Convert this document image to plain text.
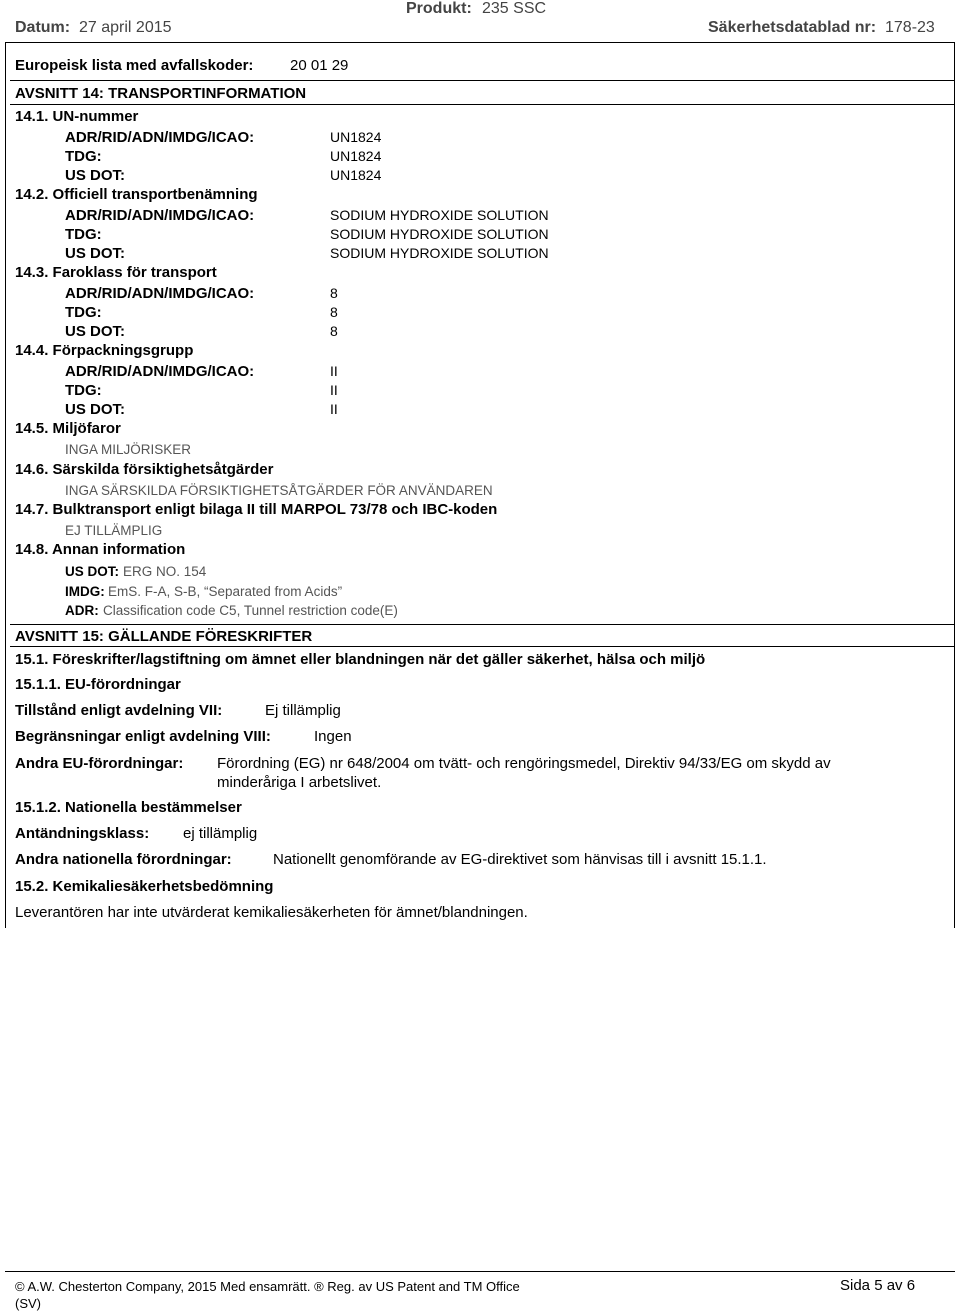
Datum: 27 april 2015
Produkt: 235 SSC
Säkerhetsdatablad nr: 178-23
Europeisk lista med avfallskoder: 20 01 29
AVSNITT 14: TRANSPORTINFORMATION
14.1. UN-nummer
ADR/RID/ADN/IMDG/ICAO:	UN1824
TDG:	UN1824
US DOT:	UN1824
14.2. Officiell transportbenämning
ADR/RID/ADN/IMDG/ICAO:	SODIUM HYDROXIDE SOLUTION
TDG:	SODIUM HYDROXIDE SOLUTION
US DOT:	SODIUM HYDROXIDE SOLUTION
14.3. Faroklass för transport
ADR/RID/ADN/IMDG/ICAO:	8
TDG:	8
US DOT:	8
14.4. Förpackningsgrupp
ADR/RID/ADN/IMDG/ICAO:	II
TDG:	II
US DOT:	II
14.5. Miljöfaror
INGA MILJÖRISKER
14.6. Särskilda försiktighetsåtgärder
INGA SÄRSKILDA FÖRSIKTIGHETSÅTGÄRDER FÖR ANVÄNDAREN
14.7. Bulktransport enligt bilaga II till MARPOL 73/78 och IBC-koden
EJ TILLÄMPLIG
14.8. Annan information
US DOT: ERG NO. 154
IMDG: EmS. F-A, S-B, “Separated from Acids”
ADR: Classification code C5, Tunnel restriction code(E)
AVSNITT 15: GÄLLANDE FÖRESKRIFTER
15.1. Föreskrifter/lagstiftning om ämnet eller blandningen när det gäller säkerhet, hälsa och miljö
15.1.1. EU-förordningar
Tillstånd enligt avdelning VII:	Ej tillämplig
Begränsningar enligt avdelning VIII:	Ingen
Andra EU-förordningar: Förordning (EG) nr 648/2004 om tvätt- och rengöringsmedel, Direktiv 94/33/EG om skydd av
minderåriga I arbetslivet.
15.1.2. Nationella bestämmelser
Antändningsklass: ej tillämplig
Andra nationella förordningar:	Nationellt genomförande av EG-direktivet som hänvisas till i avsnitt 15.1.1.
15.2. Kemikaliesäkerhetsbedömning
Leverantören har inte utvärderat kemikaliesäkerheten för ämnet/blandningen.
© A.W. Chesterton Company, 2015 Med ensamrätt. ® Reg. av US Patent and TM Office
(SV)
Sida 5 av 6
